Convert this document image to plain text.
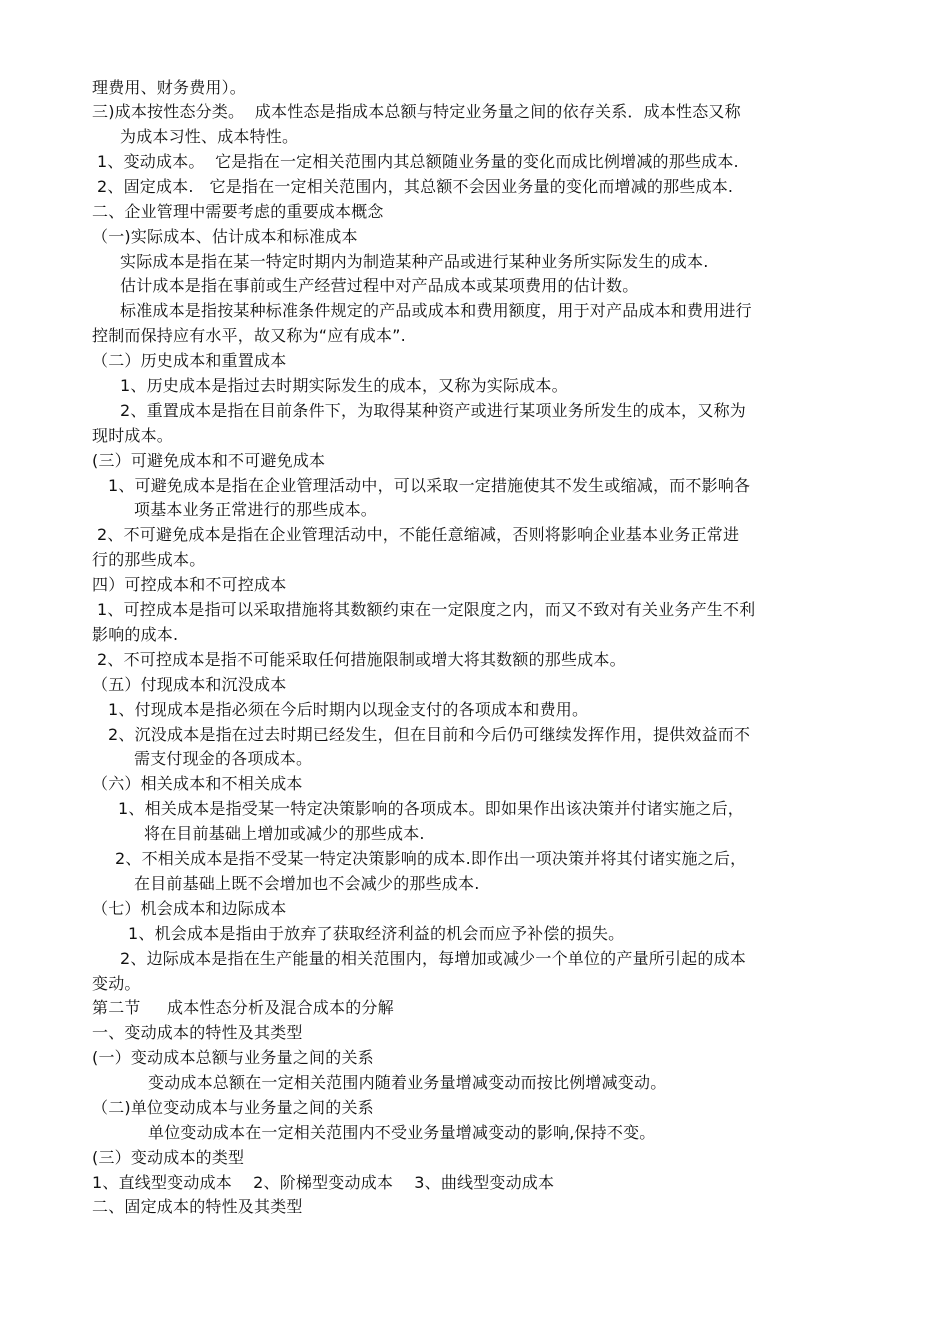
理费用、财务费用）。
三)成本按性态分类。  成本性态是指成本总额与特定业务量之间的依存关系．成本性态又称
为成本习性、成本特性。
1、变动成本。  它是指在一定相关范围内其总额随业务量的变化而成比例增减的那些成本.
2、固定成本.   它是指在一定相关范围内，其总额不会因业务量的变化而增减的那些成本.
二、企业管理中需要考虑的重要成本概念
（一)实际成本、估计成本和标准成本
实际成本是指在某一特定时期内为制造某种产品或进行某种业务所实际发生的成本.
估计成本是指在事前或生产经营过程中对产品成本或某项费用的估计数。
标准成本是指按某种标准条件规定的产品或成本和费用额度，用于对产品成本和费用进行
控制而保持应有水平，故又称为“应有成本”.
（二）历史成本和重置成本
1、历史成本是指过去时期实际发生的成本，又称为实际成本。
2、重置成本是指在目前条件下，为取得某种资产或进行某项业务所发生的成本，又称为
现时成本。
(三）可避免成本和不可避免成本
1、可避免成本是指在企业管理活动中，可以采取一定措施使其不发生或缩减，而不影响各
项基本业务正常进行的那些成本。
2、不可避免成本是指在企业管理活动中，不能任意缩减，否则将影响企业基本业务正常进
行的那些成本。
四）可控成本和不可控成本
1、可控成本是指可以采取措施将其数额约束在一定限度之内，而又不致对有关业务产生不利
影响的成本.
2、不可控成本是指不可能采取任何措施限制或增大将其数额的那些成本。
（五）付现成本和沉没成本
1、付现成本是指必须在今后时期内以现金支付的各项成本和费用。
2、沉没成本是指在过去时期已经发生，但在目前和今后仍可继续发挥作用，提供效益而不
需支付现金的各项成本。
（六）相关成本和不相关成本
1、相关成本是指受某一特定决策影响的各项成本。即如果作出该决策并付诸实施之后，
将在目前基础上增加或减少的那些成本.
2、不相关成本是指不受某一特定决策影响的成本.即作出一项决策并将其付诸实施之后，
在目前基础上既不会增加也不会减少的那些成本.
（七）机会成本和边际成本
1、机会成本是指由于放弃了获取经济利益的机会而应予补偿的损失。
2、边际成本是指在生产能量的相关范围内，每增加或减少一个单位的产量所引起的成本
变动。
第二节     成本性态分析及混合成本的分解
一、变动成本的特性及其类型
(一）变动成本总额与业务量之间的关系
变动成本总额在一定相关范围内随着业务量增减变动而按比例增减变动。
（二)单位变动成本与业务量之间的关系
单位变动成本在一定相关范围内不受业务量增减变动的影响,保持不变。
(三）变动成本的类型
1、直线型变动成本    2、阶梯型变动成本    3、曲线型变动成本
二、固定成本的特性及其类型
